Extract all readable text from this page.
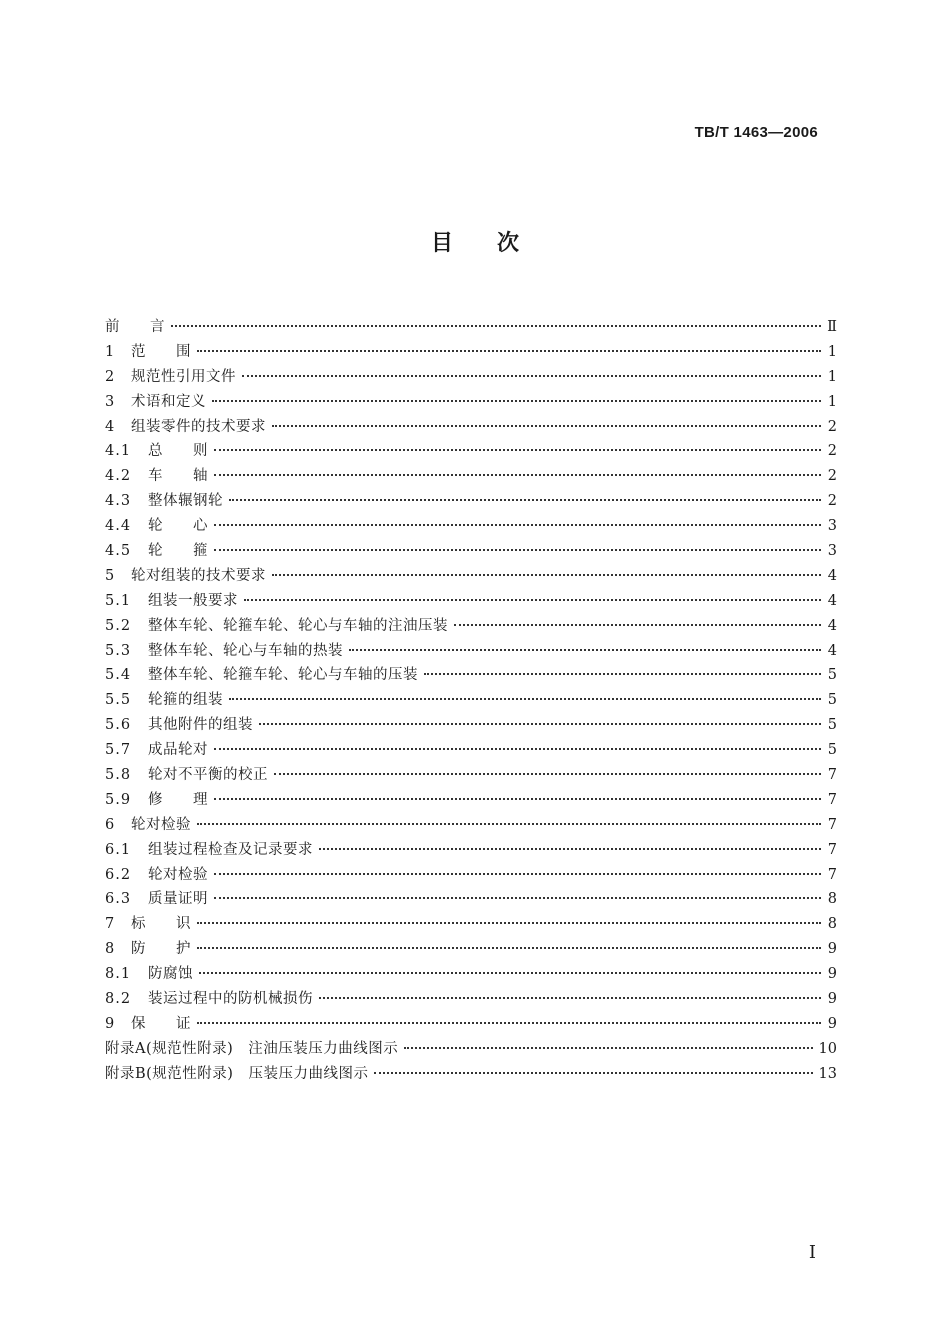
TB/T 1463—2006
目次
前　　言	Ⅱ
1	范　　围	1
2	规范性引用文件	1
3	术语和定义	1
4	组装零件的技术要求	2
4.1	总　　则	2
4.2	车　　轴	2
4.3	整体辗钢轮	2
4.4	轮　　心	3
4.5	轮　　箍	3
5	轮对组装的技术要求	4
5.1	组装一般要求	4
5.2	整体车轮、轮箍车轮、轮心与车轴的注油压装	4
5.3	整体车轮、轮心与车轴的热装	4
5.4	整体车轮、轮箍车轮、轮心与车轴的压装	5
5.5	轮箍的组装	5
5.6	其他附件的组装	5
5.7	成品轮对	5
5.8	轮对不平衡的校正	7
5.9	修　　理	7
6	轮对检验	7
6.1	组装过程检查及记录要求	7
6.2	轮对检验	7
6.3	质量证明	8
7	标　　识	8
8	防　　护	9
8.1	防腐蚀	9
8.2	装运过程中的防机械损伤	9
9	保　　证	9
附录A(规范性附录)　注油压装压力曲线图示	10
附录B(规范性附录)　压装压力曲线图示	13
I
